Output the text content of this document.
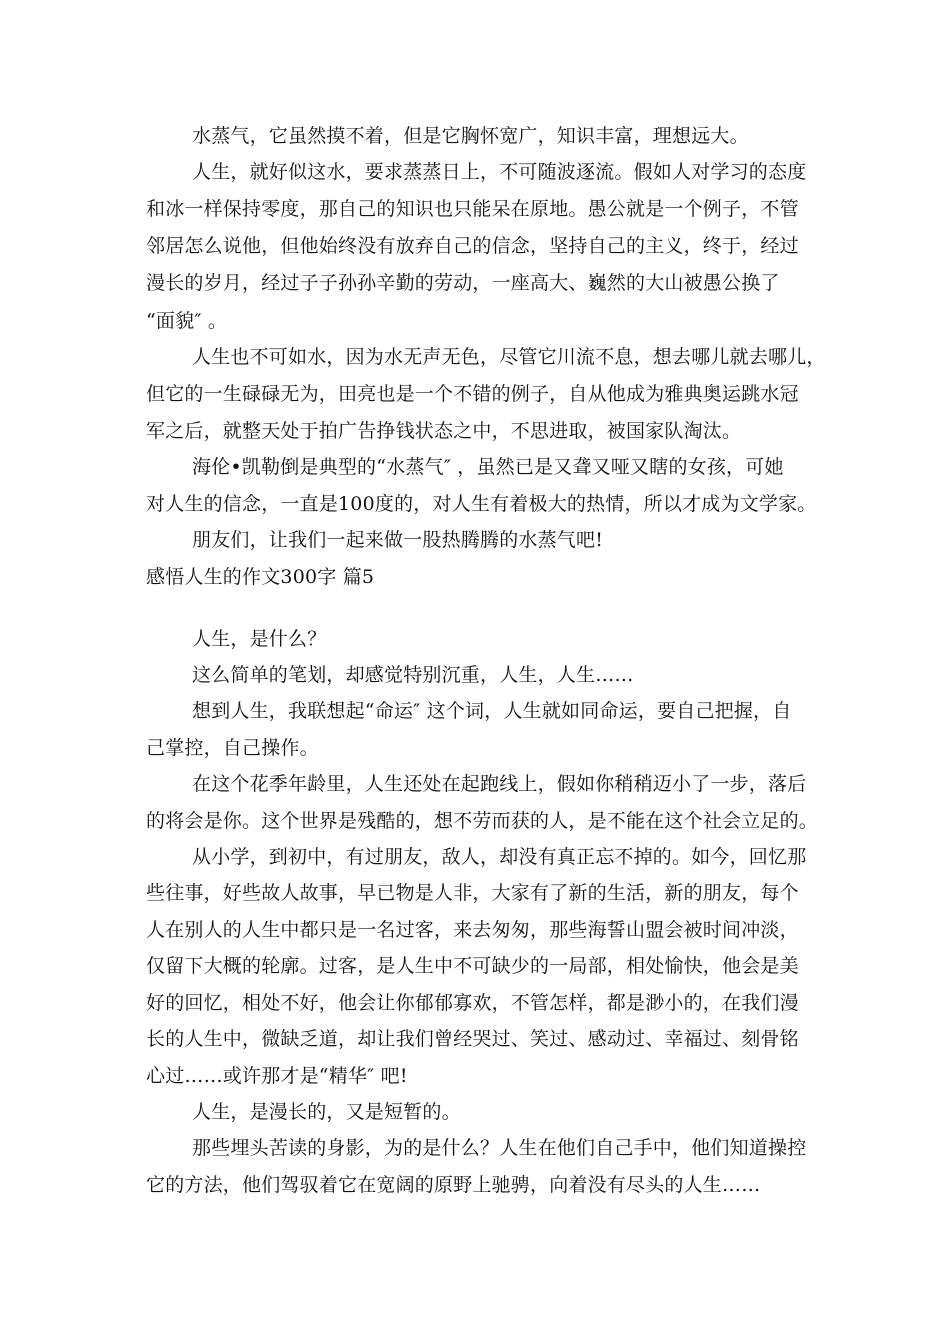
水蒸气，它虽然摸不着，但是它胸怀宽广，知识丰富，理想远大。
人生，就好似这水，要求蒸蒸日上，不可随波逐流。假如人对学习的态度
和冰一样保持零度，那自己的知识也只能呆在原地。愚公就是一个例子，不管
邻居怎么说他，但他始终没有放弃自己的信念，坚持自己的主义，终于，经过
漫长的岁月，经过子子孙孙辛勤的劳动，一座高大、巍然的大山被愚公换了
“面貌″ 。
人生也不可如水，因为水无声无色，尽管它川流不息，想去哪儿就去哪儿，
但它的一生碌碌无为，田亮也是一个不错的例子，自从他成为雅典奥运跳水冠
军之后，就整天处于拍广告挣钱状态之中，不思进取，被国家队淘汰。
海伦•凯勒倒是典型的“水蒸气″ ，虽然已是又聋又哑又瞎的女孩，可她
对人生的信念，一直是100度的，对人生有着极大的热情，所以才成为文学家。
朋友们，让我们一起来做一股热腾腾的水蒸气吧!
感悟人生的作文300字 篇5
人生，是什么？
这么简单的笔划，却感觉特别沉重，人生，人生……
想到人生，我联想起“命运″ 这个词，人生就如同命运，要自己把握，自
己掌控，自己操作。
在这个花季年龄里，人生还处在起跑线上，假如你稍稍迈小了一步，落后
的将会是你。这个世界是残酷的，想不劳而获的人，是不能在这个社会立足的。
从小学，到初中，有过朋友，敌人，却没有真正忘不掉的。如今，回忆那
些往事，好些故人故事，早已物是人非，大家有了新的生活，新的朋友，每个
人在别人的人生中都只是一名过客，来去匆匆，那些海誓山盟会被时间冲淡，
仅留下大概的轮廓。过客，是人生中不可缺少的一局部，相处愉快，他会是美
好的回忆，相处不好，他会让你郁郁寡欢，不管怎样，都是渺小的，在我们漫
长的人生中，微缺乏道，却让我们曾经哭过、笑过、感动过、幸福过、刻骨铭
心过……或许那才是“精华″ 吧!
人生，是漫长的，又是短暂的。
那些埋头苦读的身影，为的是什么？人生在他们自己手中，他们知道操控
它的方法，他们驾驭着它在宽阔的原野上驰骋，向着没有尽头的人生……
